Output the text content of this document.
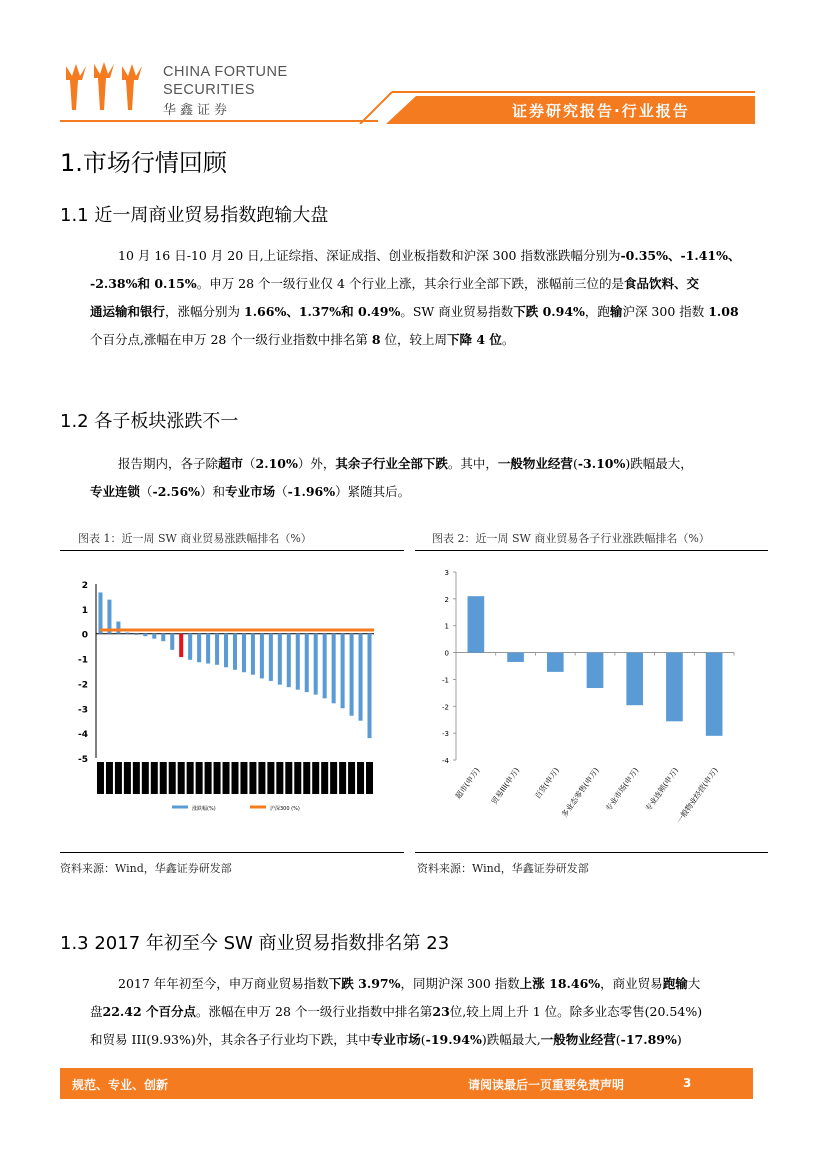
CHINA FORTUNE
SECURITIES
华鑫证券	证券研究报告·行业报告
1.市场行情回顾
1.1 近一周商业贸易指数跑输大盘
10 月 16 日-10 月 20 日,上证综指、深证成指、创业板指数和沪深 300 指数涨跌幅分别为-0.35%、-1.41%、
-2.38%和 0.15%。申万 28 个一级行业仅 4 个行业上涨，其余行业全部下跌，涨幅前三位的是食品饮料、交
通运输和银行，涨幅分别为 1.66%、1.37%和 0.49%。SW 商业贸易指数下跌 0.94%，跑输沪深 300 指数 1.08
个百分点,涨幅在申万 28 个一级行业指数中排名第 8 位，较上周下降 4 位。
1.2 各子板块涨跌不一
报告期内，各子除超市（2.10%）外，其余子行业全部下跌。其中，一般物业经营(-3.10%)跌幅最大，
专业连锁（-2.56%）和专业市场（-1.96%）紧随其后。
图表 1：近一周 SW 商业贸易涨跌幅排名（%）	图表 2：近一周 SW 商业贸易各子行业涨跌幅排名（%）
2
1
0
-1
-2
-3
-4
-5
涨跌幅(%)	沪深300 (%)
3
2
1
0
-1
-2
-3
-4
超市(申万) 贸易III(申万) 百货(申万)
多业态零售(申万) 专业市场(申万) 专业连锁(申万)
一般物业经营(申万)
资料来源：Wind，华鑫证券研发部	资料来源：Wind，华鑫证券研发部
1.3 2017 年初至今 SW 商业贸易指数排名第 23
2017 年年初至今，申万商业贸易指数下跌 3.97%，同期沪深 300 指数上涨 18.46%，商业贸易跑输大
盘22.42 个百分点。涨幅在申万 28 个一级行业指数中排名第23位,较上周上升 1 位。除多业态零售(20.54%)
和贸易 III(9.93%)外，其余各子行业均下跌，其中专业市场(-19.94%)跌幅最大,一般物业经营(-17.89%)
规范、专业、创新	请阅读最后一页重要免责声明	3
